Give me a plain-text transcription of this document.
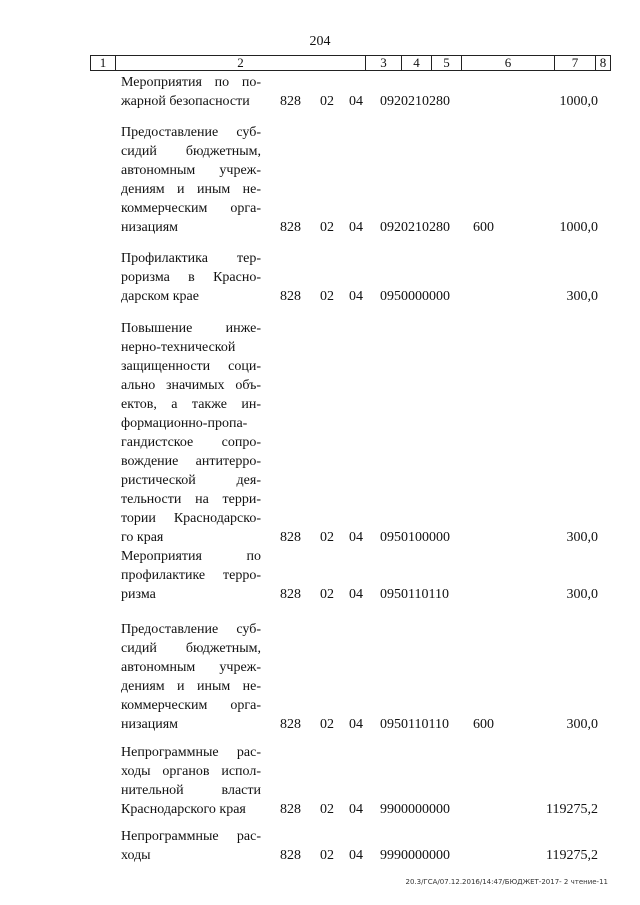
204
1	2	3	4	5	6	7	8
Мероприятия по по-
жарной безопасности	828 02 04 0920210280	1000,0
Предоставление суб-
сидий бюджетным,
автономным учреж-
дениям и иным не-
коммерческим орга-
низациям	828 02 04 0920210280	600	1000,0
Профилактика тер-
роризма в Красно-
дарском крае	828 02 04 0950000000	300,0
Повышение инже-
нерно-технической
защищенности соци-
ально значимых объ-
ектов, а также ин-
формационно-пропа-
гандистское сопро-
вождение антитерро-
ристической дея-
тельности на терри-
тории Краснодарско-
го края	828 02 04 0950100000	300,0
Мероприятия по
профилактике терро-
ризма	828 02 04 0950110110	300,0
Предоставление суб-
сидий бюджетным,
автономным учреж-
дениям и иным не-
коммерческим орга-
низациям	828 02 04 0950110110	600	300,0
Непрограммные рас-
ходы органов испол-
нительной власти
Краснодарского края	828 02 04 9900000000	119275,2
Непрограммные рас-
ходы	828 02 04 9990000000	119275,2
20.3/ГСА/07.12.2016/14:47/БЮДЖЕТ-2017- 2 чтение-11
